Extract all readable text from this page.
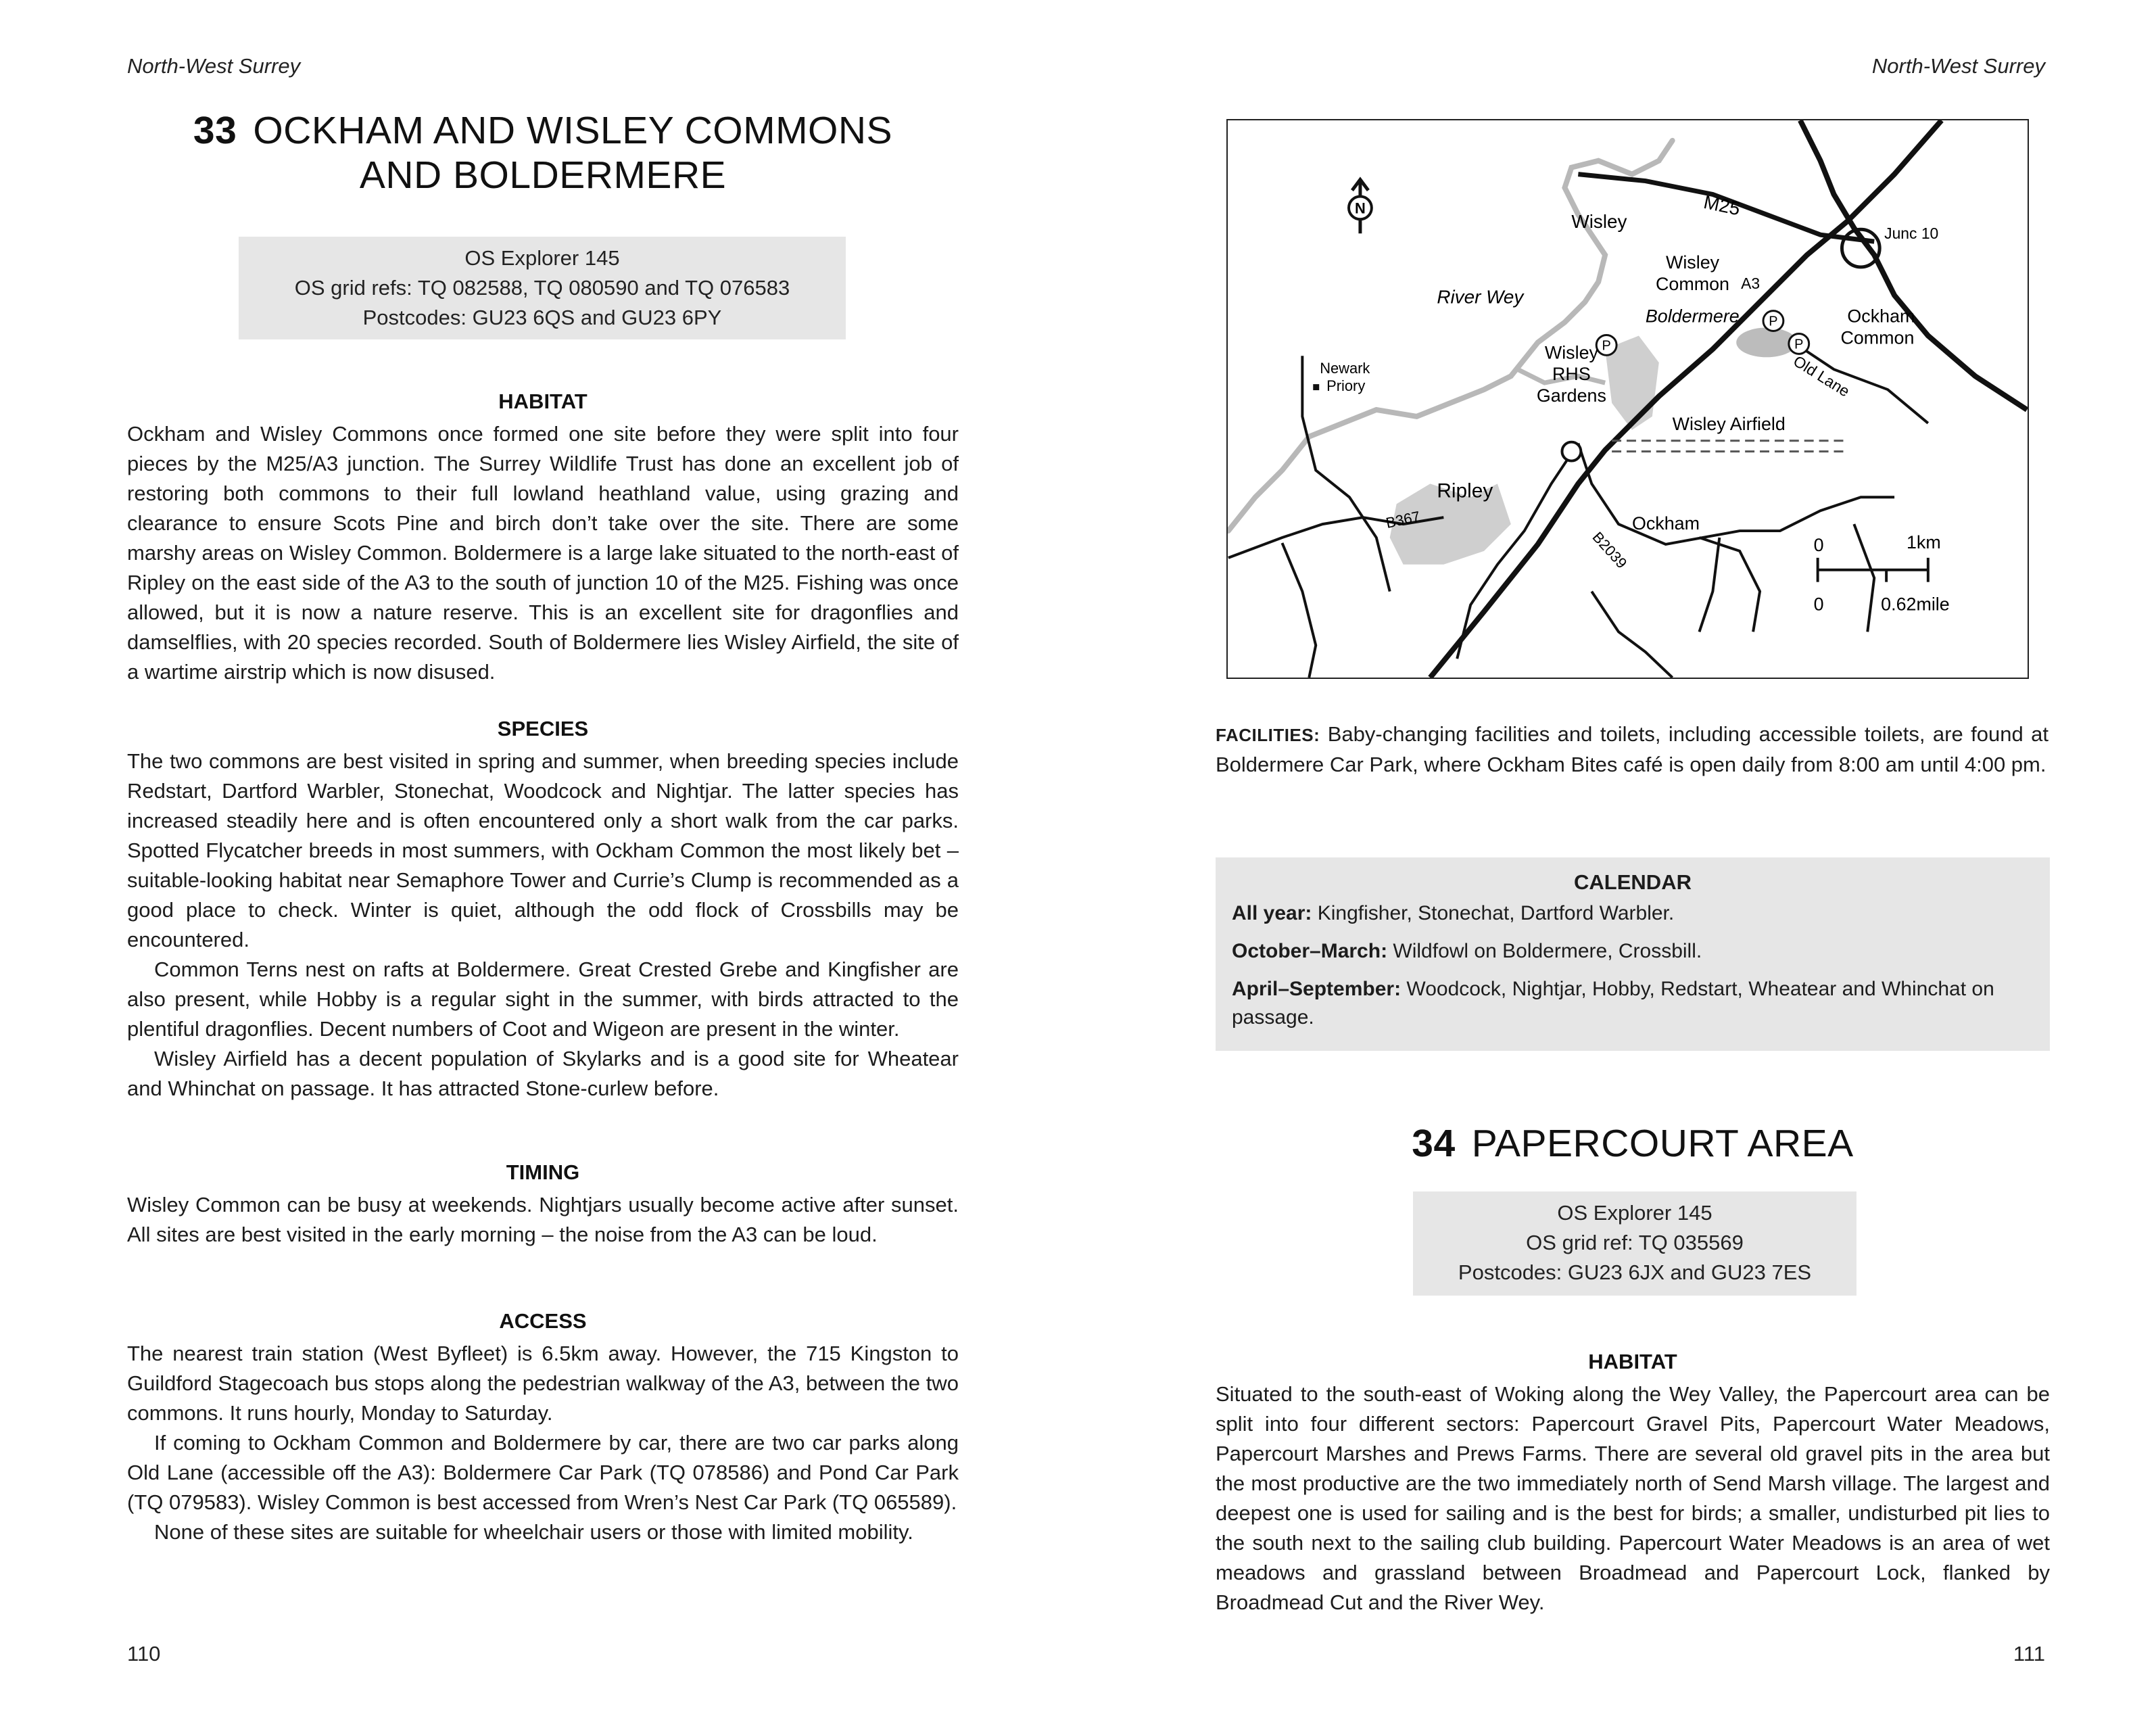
North-West Surrey
33 OCKHAM AND WISLEY COMMONS
AND BOLDERMERE
OS Explorer 145
OS grid refs: TQ 082588, TQ 080590 and TQ 076583
Postcodes: GU23 6QS and GU23 6PY
HABITAT

Ockham and Wisley Commons once formed one site before they were split into four pieces by the M25/A3 junction. The Surrey Wildlife Trust has done an excellent job of restoring both commons to their full lowland heathland value, using grazing and clearance to ensure Scots Pine and birch don’t take over the site. There are some marshy areas on Wisley Common. Boldermere is a large lake situated to the north-east of Ripley on the east side of the A3 to the south of junction 10 of the M25. Fishing was once allowed, but it is now a nature reserve. This is an excellent site for dragonflies and damselflies, with 20 species recorded. South of Boldermere lies Wisley Airfield, the site of a wartime airstrip which is now disused.

SPECIES

The two commons are best visited in spring and summer, when breeding species include Redstart, Dartford Warbler, Stonechat, Woodcock and Nightjar. The latter species has increased steadily here and is often encountered only a short walk from the car parks. Spotted Flycatcher breeds in most summers, with Ockham Common the most likely bet – suitable-looking habitat near Semaphore Tower and Currie’s Clump is recommended as a good place to check. Winter is quiet, although the odd flock of Crossbills may be encountered.

Common Terns nest on rafts at Boldermere. Great Crested Grebe and Kingfisher are also present, while Hobby is a regular sight in the summer, with birds attracted to the plentiful dragonflies. Decent numbers of Coot and Wigeon are present in the winter.

Wisley Airfield has a decent population of Skylarks and is a good site for Wheatear and Whinchat on passage. It has attracted Stone-curlew before.

TIMING

Wisley Common can be busy at weekends. Nightjars usually become active after sunset. All sites are best visited in the early morning – the noise from the A3 can be loud.

ACCESS

The nearest train station (West Byfleet) is 6.5km away. However, the 715 Kingston to Guildford Stagecoach bus stops along the pedestrian walkway of the A3, between the two commons. It runs hourly, Monday to Saturday.

If coming to Ockham Common and Boldermere by car, there are two car parks along Old Lane (accessible off the A3): Boldermere Car Park (TQ 078586) and Pond Car Park (TQ 079583). Wisley Common is best accessed from Wren’s Nest Car Park (TQ 065589).

None of these sites are suitable for wheelchair users or those with limited mobility.

110
North-West Surrey
111
P
P
P
N	M25
Junc 10
Wisley
Wisley
Common A3
River Wey
Boldermere	Ockham
Common
Old Lane
Newark
Priory
Wisley
RHS
Gardens
Wisley Airfield
Ripley
B367	Ockham
B2039	0	1km
0	0.62mile
FACILITIES: Baby-changing facilities and toilets, including accessible toilets, are found at Boldermere Car Park, where Ockham Bites café is open daily from 8:00 am until 4:00 pm.
CALENDAR
All year: Kingfisher, Stonechat, Dartford Warbler.
October–March: Wildfowl on Boldermere, Crossbill.
April–September: Woodcock, Nightjar, Hobby, Redstart, Wheatear and Whinchat on passage.
34 PAPERCOURT AREA
OS Explorer 145
OS grid ref: TQ 035569
Postcodes: GU23 6JX and GU23 7ES
HABITAT

Situated to the south-east of Woking along the Wey Valley, the Papercourt area can be split into four different sectors: Papercourt Gravel Pits, Papercourt Water Meadows, Papercourt Marshes and Prews Farms. There are several old gravel pits in the area but the most productive are the two immediately north of Send Marsh village. The largest and deepest one is used for sailing and is the best for birds; a smaller, undisturbed pit lies to the south next to the sailing club building. Papercourt Water Meadows is an area of wet meadows and grassland between Broadmead and Papercourt Lock, flanked by Broadmead Cut and the River Wey.
